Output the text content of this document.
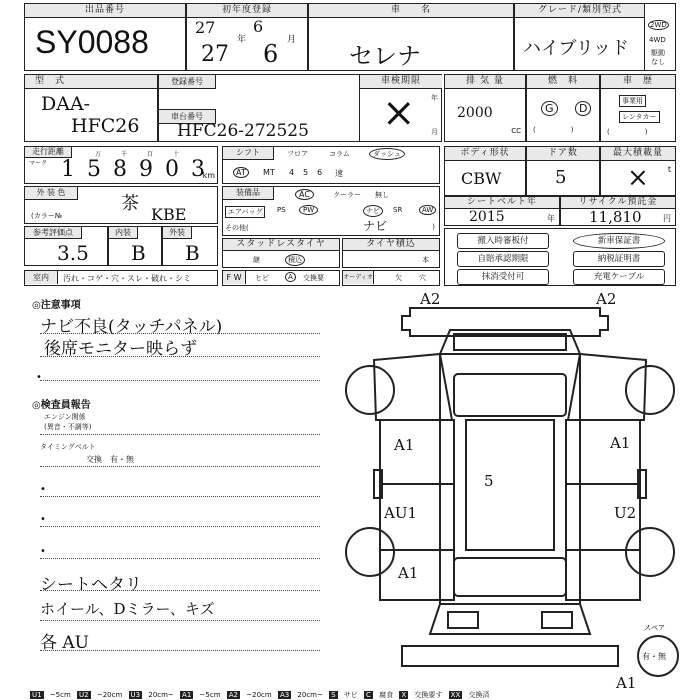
出品番号
SY0088
初年度登録
27
年
6
月
27 6
車　　名
セレナ
グレード/類別型式
ハイブリッド
2WD
4WD
駆動
なし
型　式
DAA-
HFC26
登録番号
車台番号
HFC26-272525
車検期限
× 年
月
排 気 量
2000
CC
燃　料
G	D
(　　　　　)
車　歴
事業用
レンタカー
(　　　　　)
走行距離
マーク
万	千	百	十
1 5 8 9 0 3
km
シフト	フロア	コラム	ダッシュ
AT	MT 4 5 6 速
ボディ形状
CBW
ドア数
5
最大積載量
× t
外 装 色
茶
(カラー№	KBE
装備品	AC	クーラー 無し
エアバッグ	PS	PW	ナビ	SR	AW
その他(	ナビ	)
シートベルト年
2015	年
リサイクル預託金
11,810	円
参考評価点
3.5
内装
B
外装
B	スタッドレスタイヤ
継	積込
タイヤ積込
本
搬入時審板付	新車保証書
自賠承認期限	納税証明書
抹消受付可	充電ケーブル
室内	汚れ・コゲ・穴・スレ・破れ・シミ	F W	ヒビ	A	交換要	オーディオ	欠 穴
◎注意事項
ナビ不良(タッチパネル)
後席モニター映らず
•
◎検査員報告
エンジン関係
(異音・不調等)
タイミングベルト
交換　有・無
•
•
•
シートヘタリ
ホイール、Dミラー、キズ
各 AU
A2	A2
A1	A1
5
AU1	U2
A1
A1
スペア
有・無
U1 ~5cm U2 ~20cm U3 20cm~ A1 ~5cm A2 ~20cm A3 20cm~ S サビ C 腐食 X 交換要す XX 交換済
